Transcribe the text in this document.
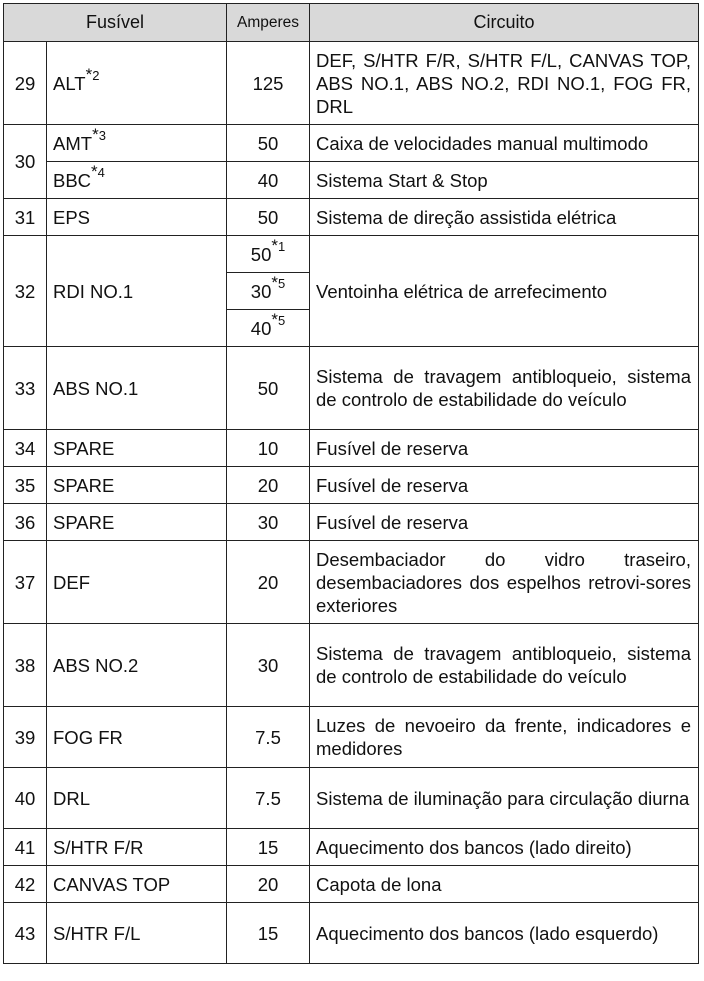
Fusível		Amperes	Circuito
29	ALT$^{*2}$	125	DEF, S/HTR F/R, S/HTR F/L, CANVAS TOP, ABS NO.1, ABS NO.2, RDI NO.1, FOG FR, DRL
30	AMT$^{*3}$	50	Caixa de velocidades manual multimodo
	BBC$^{*4}$	40	Sistema Start & Stop
31	EPS	50	Sistema de direção assistida elétrica
32	RDI NO.1	50$^{*1}$	Ventoinha elétrica de arrefecimento
		30$^{*5}$
		40$^{*5}$
33	ABS NO.1	50	Sistema de travagem antibloqueio, sistema de controlo de estabilidade do veículo
34	SPARE	10	Fusível de reserva
35	SPARE	20	Fusível de reserva
36	SPARE	30	Fusível de reserva
37	DEF	20	Desembaciador do vidro traseiro, desembaciadores dos espelhos retrovi-sores exteriores
38	ABS NO.2	30	Sistema de travagem antibloqueio, sistema de controlo de estabilidade do veículo
39	FOG FR	7.5	Luzes de nevoeiro da frente, indicadores e medidores
40	DRL	7.5	Sistema de iluminação para circulação diurna
41	S/HTR F/R	15	Aquecimento dos bancos (lado direito)
42	CANVAS TOP	20	Capota de lona
43	S/HTR F/L	15	Aquecimento dos bancos (lado esquerdo)
